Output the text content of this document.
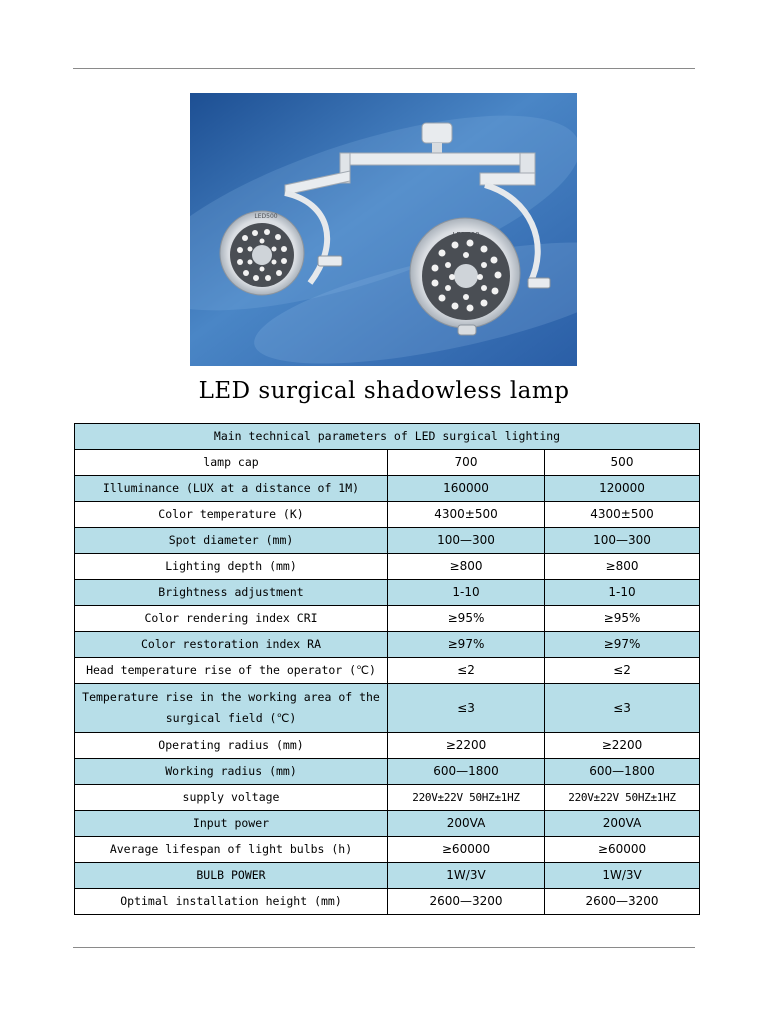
LED700
LED500
LED surgical shadowless lamp
Main technical parameters of LED surgical lighting		
lamp cap	700	500
Illuminance (LUX at a distance of 1M)	160000	120000
Color temperature (K)	4300±500	4300±500
Spot diameter (mm)	100—300	100—300
Lighting depth (mm)	≥800	≥800
Brightness adjustment	1-10	1-10
Color rendering index CRI	≥95%	≥95%
Color restoration index RA	≥97%	≥97%
Head temperature rise of the operator (℃)	≤2	≤2
Temperature rise in the working area of the surgical field (℃)	≤3	≤3
Operating radius (mm)	≥2200	≥2200
Working radius (mm)	600—1800	600—1800
supply voltage	220V±22V 50HZ±1HZ	220V±22V 50HZ±1HZ
Input power	200VA	200VA
Average lifespan of light bulbs (h)	≥60000	≥60000
BULB POWER	1W/3V	1W/3V
Optimal installation height (mm)	2600—3200	2600—3200
